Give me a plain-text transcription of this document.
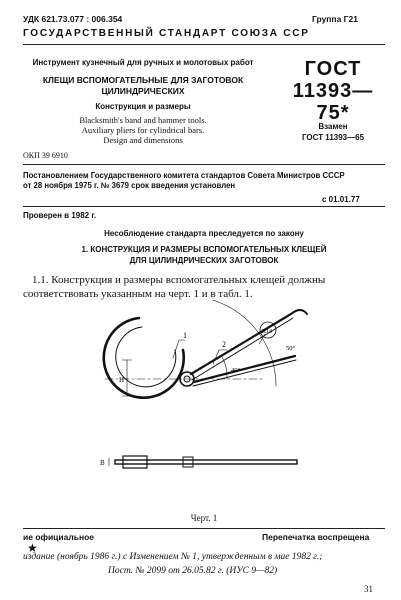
УДК 621.73.077 : 006.354	Группа Г21
ГОСУДАРСТВЕННЫЙ СТАНДАРТ СОЮЗА ССР
Инструмент кузнечный для ручных и молотовых работ
КЛЕЩИ ВСПОМОГАТЕЛЬНЫЕ ДЛЯ ЗАГОТОВОК
ЦИЛИНДРИЧЕСКИХ
Конструкция и размеры
Blacksmith's band and hammer tools.
Auxiliary pliers for cylindrical bars.
Design and dimensions
ГОСТ
11393—75*
Взамен
ГОСТ 11393—65
ОКП 39 6910
Постановлением Государственного комитета стандартов Совета Министров СССР
от 28 ноября 1975 г. № 3679 срок введения установлен
с 01.01.77
Проверен в 1982 г.
Несоблюдение стандарта преследуется по закону
1. КОНСТРУКЦИЯ И РАЗМЕРЫ ВСПОМОГАТЕЛЬНЫХ КЛЕЩЕЙ
ДЛЯ ЦИЛИНДРИЧЕСКИХ ЗАГОТОВОК
1.1. Конструкция и размеры вспомогательных клещей должны
соответствовать указанным на черт. 1 и в табл. 1.
1
2
R14
40°
50°
H
B
Черт. 1
ие официальное	Перепечатка воспрещена
★
издание (ноябрь 1986 г.) с Изменением № 1, утвержденным в мае 1982 г.;
Пост. № 2099 от 26.05.82 г. (ИУС 9—82)
31
